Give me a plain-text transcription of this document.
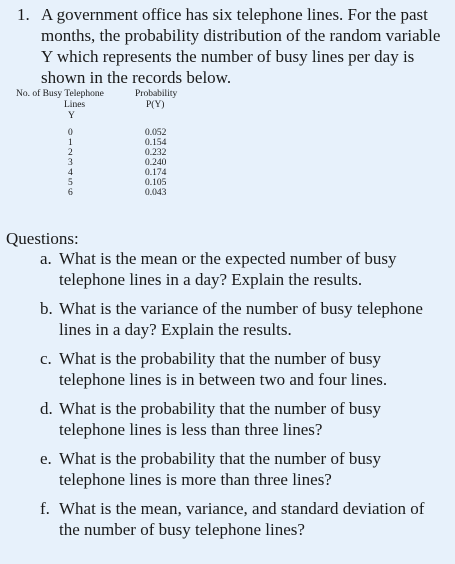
1. A government office has six telephone lines. For the past months, the probability distribution of the random variable Y which represents the number of busy lines per day is shown in the records below.
No. of Busy Telephone	Probability
Lines	P(Y)
Y
0	0.052
1	0.154
2	0.232
3	0.240
4	0.174
5	0.105
6	0.043
Questions:
a. What is the mean or the expected number of busy telephone lines in a day? Explain the results.
b. What is the variance of the number of busy telephone lines in a day? Explain the results.
c. What is the probability that the number of busy telephone lines is in between two and four lines.
d. What is the probability that the number of busy telephone lines is less than three lines?
e. What is the probability that the number of busy telephone lines is more than three lines?
f. What is the mean, variance, and standard deviation of the number of busy telephone lines?
